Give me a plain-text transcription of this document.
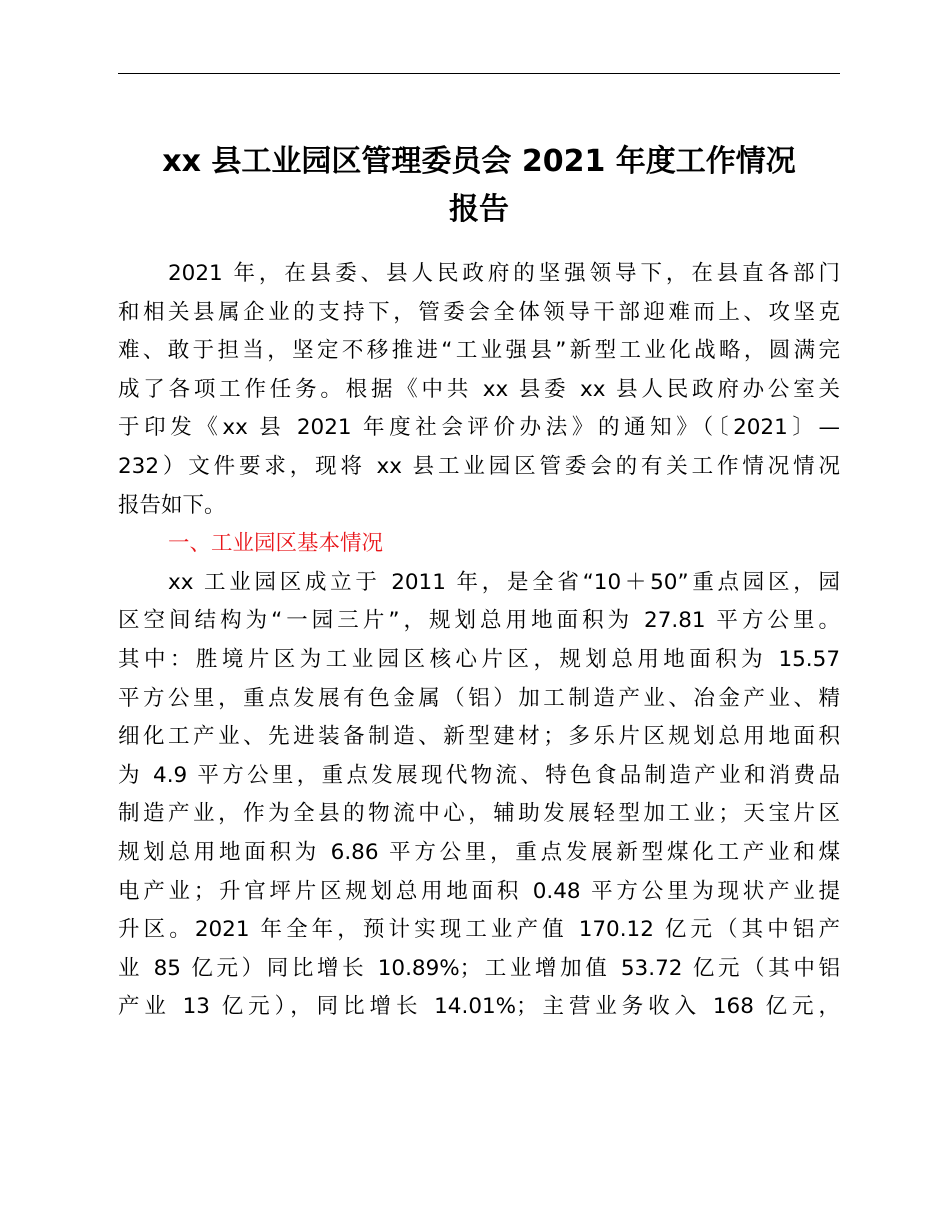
xx 县工业园区管理委员会 2021 年度工作情况
报告
2021 年，在县委、县人民政府的坚强领导下，在县直各部门
和相关县属企业的支持下，管委会全体领导干部迎难而上、攻坚克
难、敢于担当，坚定不移推进“工业强县”新型工业化战略，圆满完
成了各项工作任务。根据《中共 xx 县委 xx 县人民政府办公室关
于印发《xx 县 2021 年度社会评价办法》的通知》（〔2021〕—
232）文件要求，现将 xx 县工业园区管委会的有关工作情况情况
报告如下。
一、工业园区基本情况
xx 工业园区成立于 2011 年，是全省“10＋50”重点园区，园
区空间结构为“一园三片”，规划总用地面积为 27.81 平方公里。
其中：胜境片区为工业园区核心片区，规划总用地面积为 15.57
平方公里，重点发展有色金属（铝）加工制造产业、冶金产业、精
细化工产业、先进装备制造、新型建材；多乐片区规划总用地面积
为 4.9 平方公里，重点发展现代物流、特色食品制造产业和消费品
制造产业，作为全县的物流中心，辅助发展轻型加工业；天宝片区
规划总用地面积为 6.86 平方公里，重点发展新型煤化工产业和煤
电产业；升官坪片区规划总用地面积 0.48 平方公里为现状产业提
升区。2021 年全年，预计实现工业产值 170.12 亿元（其中铝产
业 85 亿元）同比增长 10.89%；工业增加值 53.72 亿元（其中铝
产业 13 亿元），同比增长 14.01%；主营业务收入 168 亿元，
